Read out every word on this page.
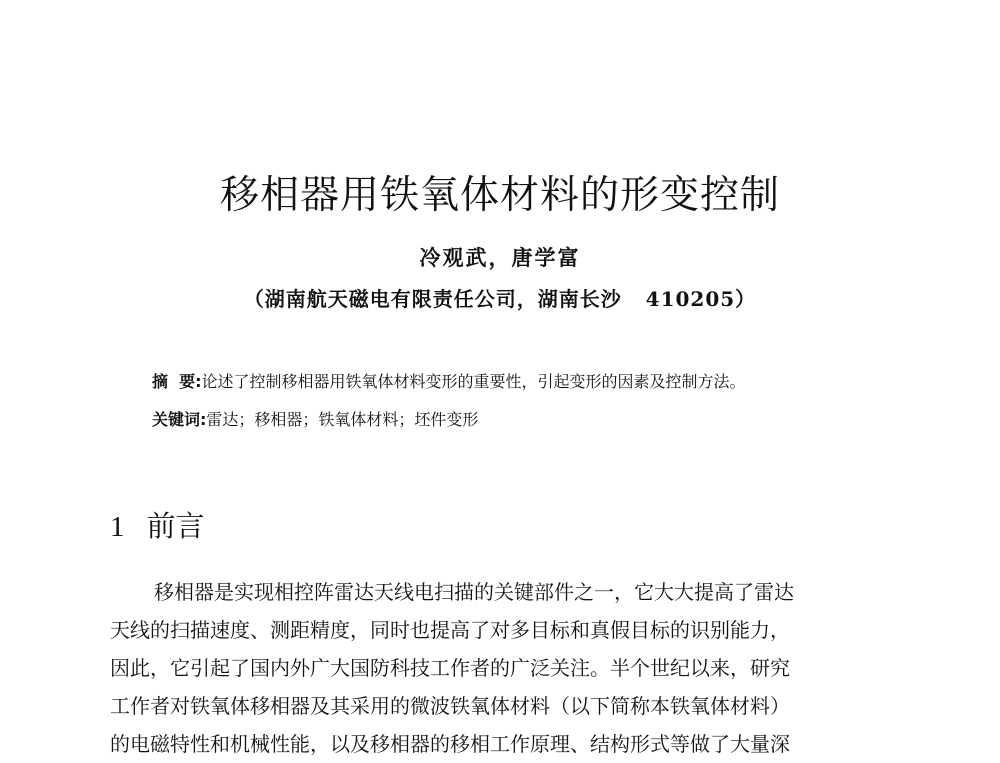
移相器用铁氧体材料的形变控制
冷观武，唐学富
（湖南航天磁电有限责任公司，湖南长沙   410205）
摘  要:论述了控制移相器用铁氧体材料变形的重要性，引起变形的因素及控制方法。
关键词:雷达；移相器；铁氧体材料；坯件变形
1 前言
移相器是实现相控阵雷达天线电扫描的关键部件之一，它大大提高了雷达
天线的扫描速度、测距精度，同时也提高了对多目标和真假目标的识别能力，
因此，它引起了国内外广大国防科技工作者的广泛关注。半个世纪以来，研究
工作者对铁氧体移相器及其采用的微波铁氧体材料（以下简称本铁氧体材料）
的电磁特性和机械性能，以及移相器的移相工作原理、结构形式等做了大量深
